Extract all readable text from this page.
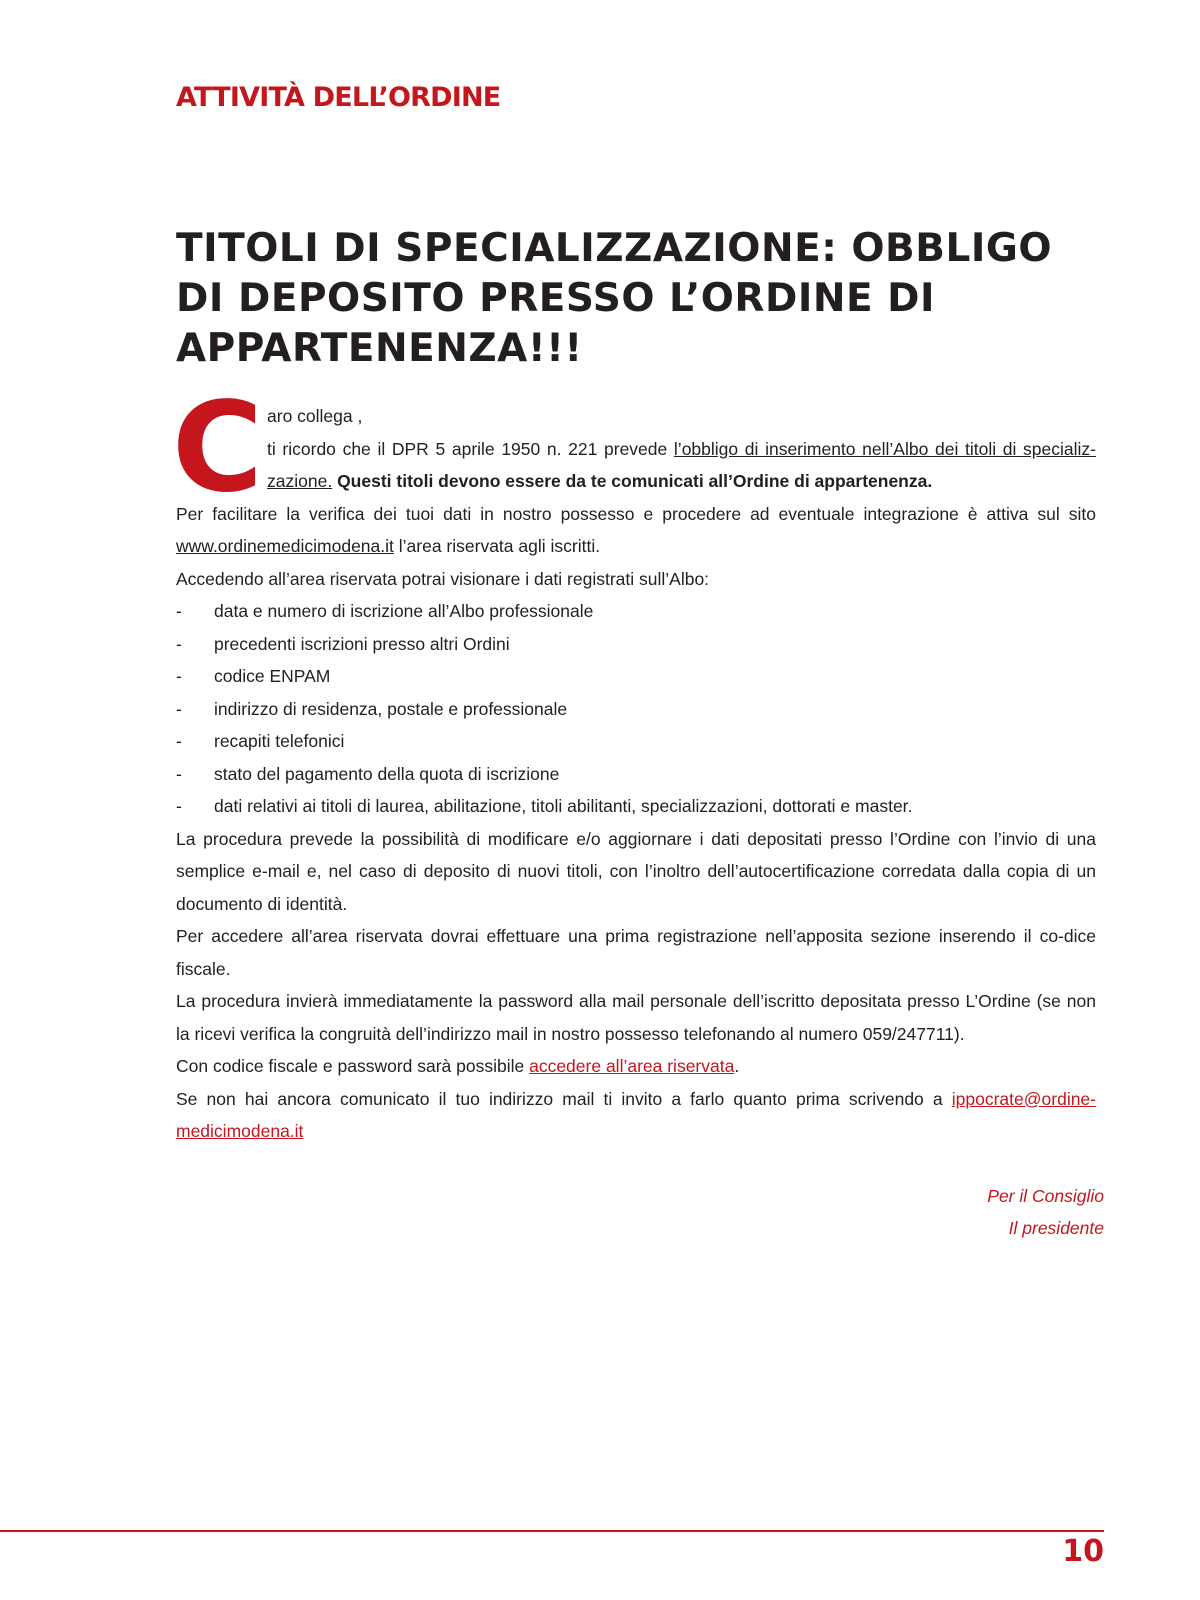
ATTIVITÀ DELL’ORDINE
TITOLI DI SPECIALIZZAZIONE: OBBLIGO
DI DEPOSITO PRESSO L’ORDINE DI
APPARTENENZA!!!
C aro collega ,
ti ricordo che il DPR 5 aprile 1950 n. 221 prevede l’obbligo di inserimento nell’Albo dei titoli di specializ-
zazione. Questi titoli devono essere da te comunicati all’Ordine di appartenenza.
Per facilitare la verifica dei tuoi dati in nostro possesso e procedere ad eventuale integrazione è attiva sul sito www.ordinemedicimodena.it l’area riservata agli iscritti.
Accedendo all’area riservata potrai visionare i dati registrati sull’Albo:
- data e numero di iscrizione all’Albo professionale
- precedenti iscrizioni presso altri Ordini
- codice ENPAM
- indirizzo di residenza, postale e professionale
- recapiti telefonici
- stato del pagamento della quota di iscrizione
- dati relativi ai titoli di laurea, abilitazione, titoli abilitanti, specializzazioni, dottorati e master.
La procedura prevede la possibilità di modificare e/o aggiornare i dati depositati presso l’Ordine con l’invio di una semplice e-mail e, nel caso di deposito di nuovi titoli, con l’inoltro dell’autocertificazione corredata dalla copia di un documento di identità.
Per accedere all’area riservata dovrai effettuare una prima registrazione nell’apposita sezione inserendo il co-dice fiscale.
La procedura invierà immediatamente la password alla mail personale dell’iscritto depositata presso L’Ordine (se non la ricevi verifica la congruità dell’indirizzo mail in nostro possesso telefonando al numero 059/247711).
Con codice fiscale e password sarà possibile accedere all’area riservata.
Se non hai ancora comunicato il tuo indirizzo mail ti invito a farlo quanto prima scrivendo a ippocrate@ordine-medicimodena.it
Per il Consiglio
Il presidente
10
